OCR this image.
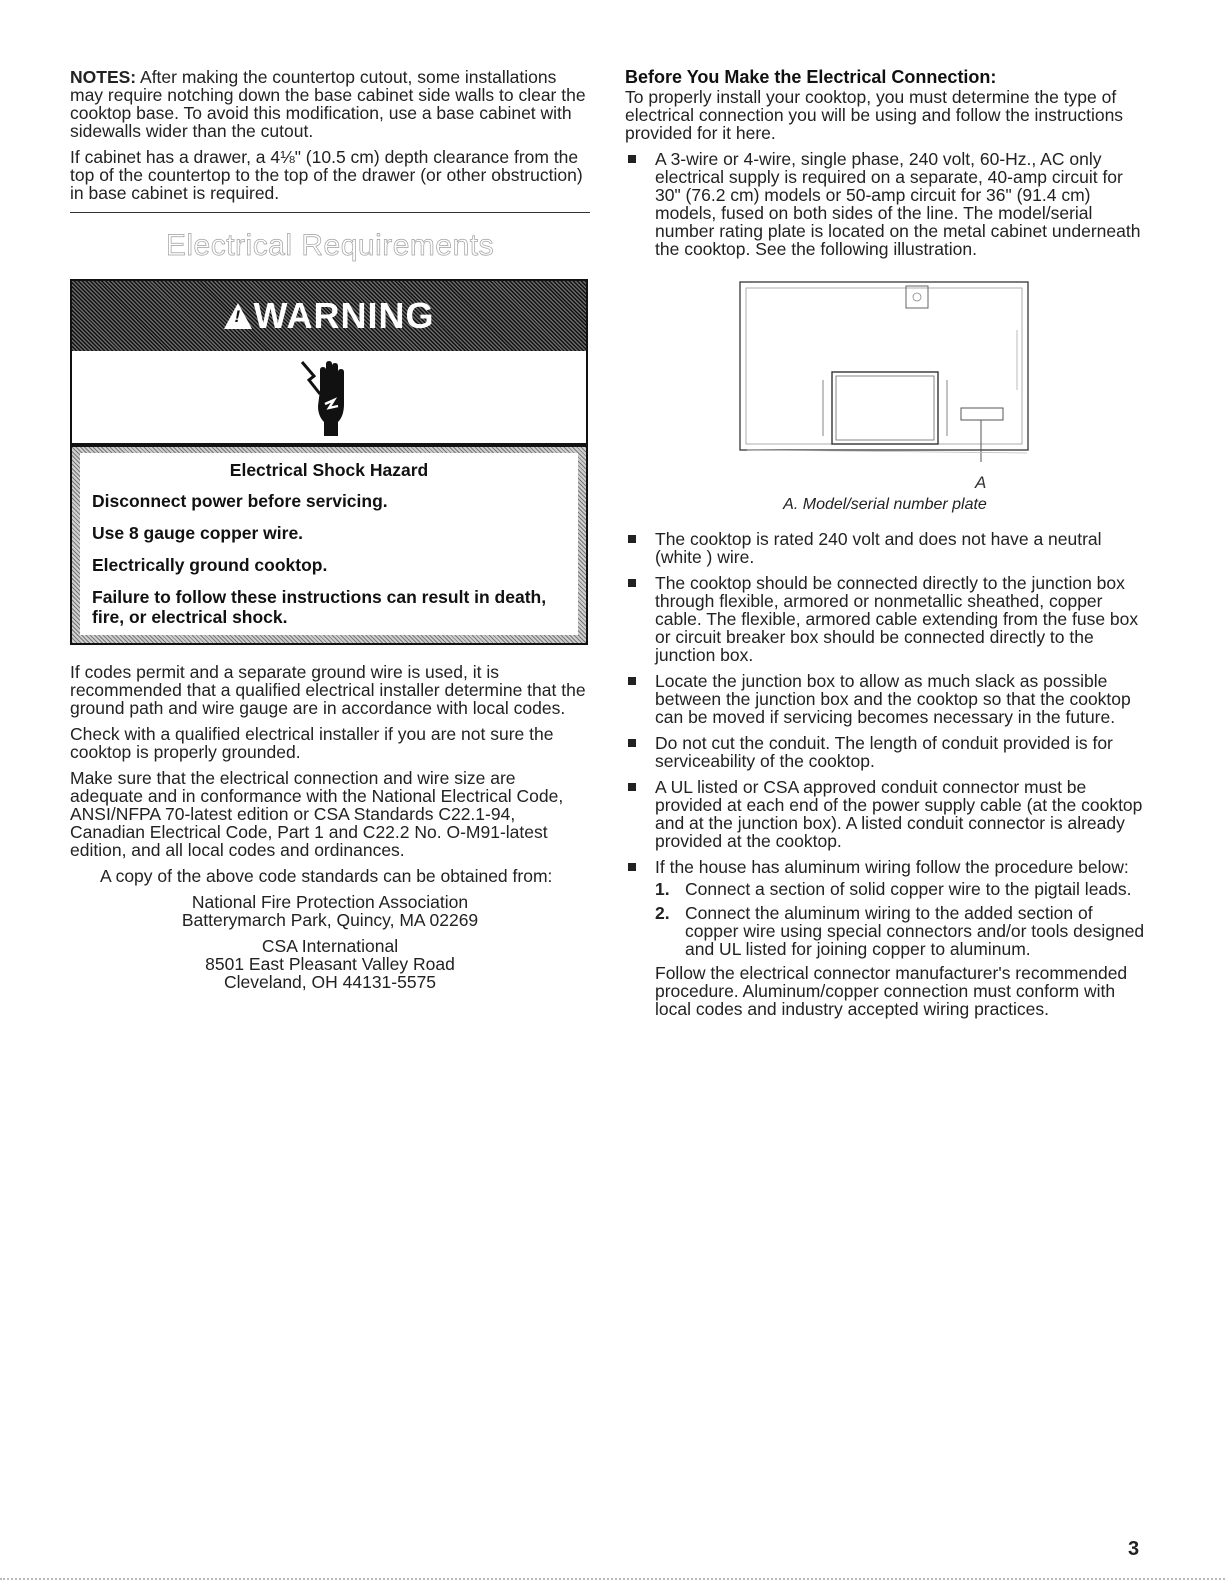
NOTES: After making the countertop cutout, some installations may require notching down the base cabinet side walls to clear the cooktop base. To avoid this modification, use a base cabinet with sidewalls wider than the cutout.

If cabinet has a drawer, a 4⅛" (10.5 cm) depth clearance from the top of the countertop to the top of the drawer (or other obstruction) in base cabinet is required.

Electrical Requirements
!
WARNING
Electrical Shock Hazard
Disconnect power before servicing.
Use 8 gauge copper wire.
Electrically ground cooktop.
Failure to follow these instructions can result in death, fire, or electrical shock.

If codes permit and a separate ground wire is used, it is recommended that a qualified electrical installer determine that the ground path and wire gauge are in accordance with local codes.

Check with a qualified electrical installer if you are not sure the cooktop is properly grounded.

Make sure that the electrical connection and wire size are adequate and in conformance with the National Electrical Code, ANSI/NFPA 70-latest edition or CSA Standards C22.1-94, Canadian Electrical Code, Part 1 and C22.2 No. O-M91-latest edition, and all local codes and ordinances.

A copy of the above code standards can be obtained from:

National Fire Protection Association

Batterymarch Park, Quincy, MA 02269

CSA International

8501 East Pleasant Valley Road

Cleveland, OH 44131-5575

Before You Make the Electrical Connection:

To properly install your cooktop, you must determine the type of electrical connection you will be using and follow the instructions provided for it here.

A 3-wire or 4-wire, single phase, 240 volt, 60-Hz., AC only electrical supply is required on a separate, 40-amp circuit for 30" (76.2 cm) models or 50-amp circuit for 36" (91.4 cm) models, fused on both sides of the line. The model/serial number rating plate is located on the metal cabinet underneath the cooktop. See the following illustration.
A
A. Model/serial number plate
The cooktop is rated 240 volt and does not have a neutral (white ) wire.
The cooktop should be connected directly to the junction box through flexible, armored or nonmetallic sheathed, copper cable. The flexible, armored cable extending from the fuse box or circuit breaker box should be connected directly to the junction box.
Locate the junction box to allow as much slack as possible between the junction box and the cooktop so that the cooktop can be moved if servicing becomes necessary in the future.
Do not cut the conduit. The length of conduit provided is for serviceability of the cooktop.
A UL listed or CSA approved conduit connector must be provided at each end of the power supply cable (at the cooktop and at the junction box). A listed conduit connector is already provided at the cooktop.
If the house has aluminum wiring follow the procedure below:
1. Connect a section of solid copper wire to the pigtail leads.
2. Connect the aluminum wiring to the added section of copper wire using special connectors and/or tools designed and UL listed for joining copper to aluminum.

Follow the electrical connector manufacturer's recommended procedure. Aluminum/copper connection must conform with local codes and industry accepted wiring practices.

3
